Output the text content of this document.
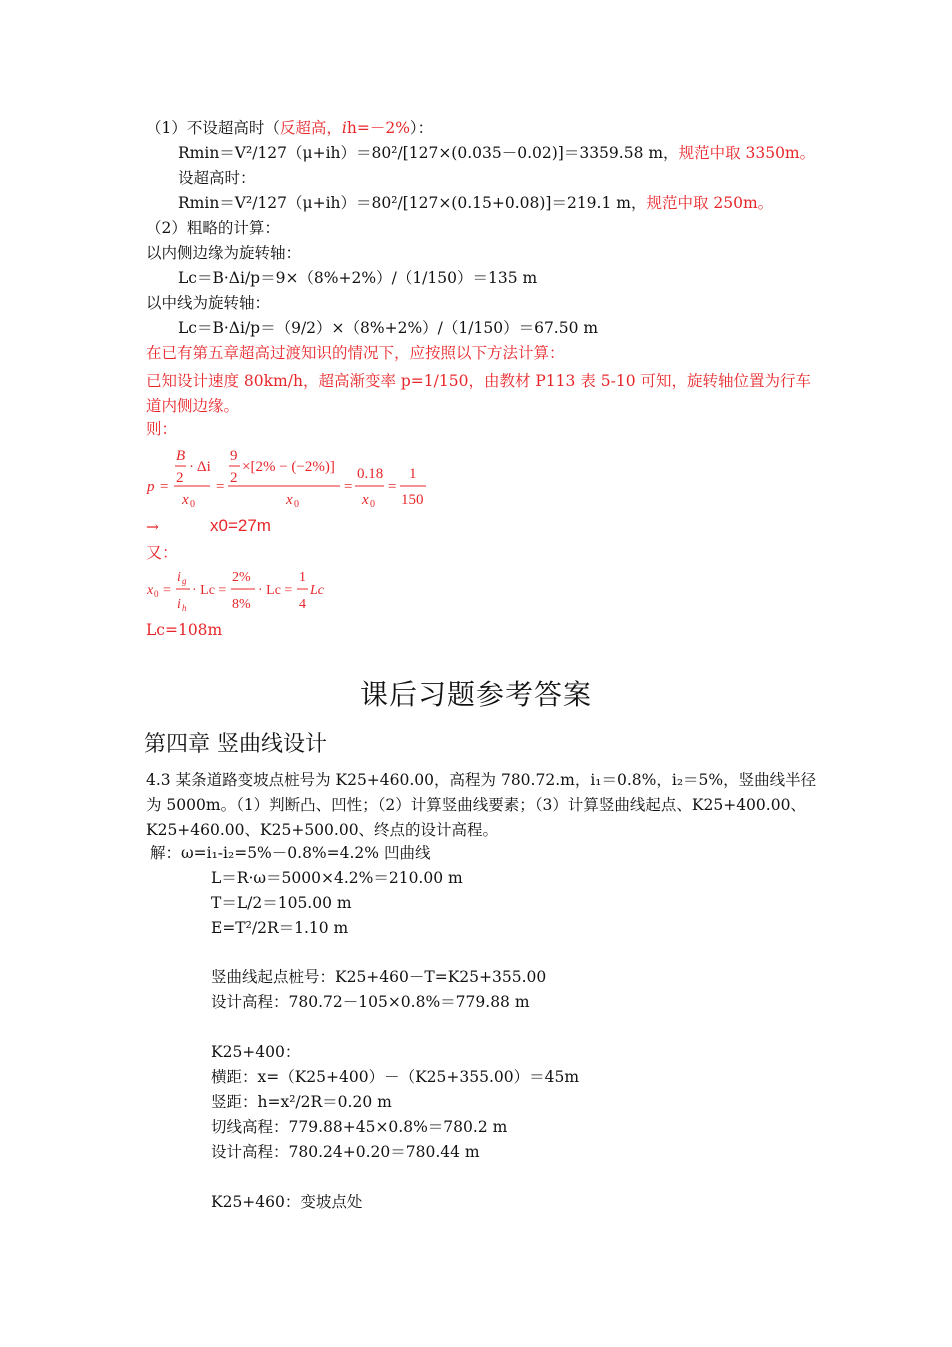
（1）不设超高时（反超高，ih=－2%）：
Rmin＝V²/127（μ+ih）＝80²/[127×(0.035－0.02)]＝3359.58 m，规范中取 3350m。
设超高时：
Rmin＝V²/127（μ+ih）＝80²/[127×(0.15+0.08)]＝219.1 m，规范中取 250m。
（2）粗略的计算：
以内侧边缘为旋转轴：
Lc＝B·Δi/p＝9×（8%+2%）/（1/150）＝135 m
以中线为旋转轴：
Lc＝B·Δi/p＝（9/2）×（8%+2%）/（1/150）＝67.50 m
在已有第五章超高过渡知识的情况下，应按照以下方法计算：
已知设计速度 80km/h，超高渐变率 p=1/150，由教材 P113 表 5-10 可知，旋转轴位置为行车道内侧边缘。
则：
p =
B
2
· Δi
x 0
=
9
2
×[2% − (−2%)]
x 0
=
0.18
x 0
=
1
150
→	x0=27m
又：
x 0 =
i g
i h
· Lc =
2%
8%
· Lc =
1
4
Lc
Lc=108m
课后习题参考答案
第四章 竖曲线设计
4.3 某条道路变坡点桩号为 K25+460.00，高程为 780.72.m，i₁＝0.8%，i₂＝5%，竖曲线半径为 5000m。（1）判断凸、凹性；（2）计算竖曲线要素；（3）计算竖曲线起点、K25+400.00、K25+460.00、K25+500.00、终点的设计高程。
解：ω=i₁-i₂=5%－0.8%=4.2% 凹曲线
L＝R·ω＝5000×4.2%＝210.00 m
T＝L/2＝105.00 m
E=T²/2R＝1.10 m
竖曲线起点桩号：K25+460－T=K25+355.00
设计高程：780.72－105×0.8%＝779.88 m
K25+400：
横距：x=（K25+400）－（K25+355.00）＝45m
竖距：h=x²/2R＝0.20 m
切线高程：779.88+45×0.8%＝780.2 m
设计高程：780.24+0.20＝780.44 m
K25+460：变坡点处
